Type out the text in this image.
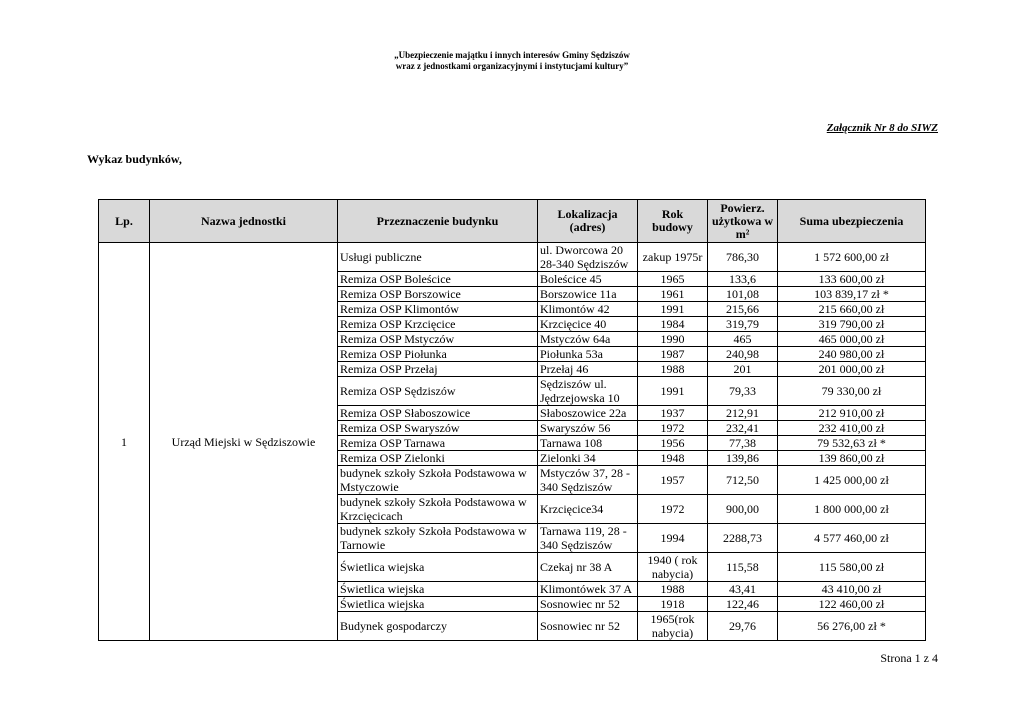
„Ubezpieczenie majątku i innych interesów Gminy Sędziszów
wraz z jednostkami organizacyjnymi i instytucjami kultury”
Załącznik Nr 8 do SIWZ
Wykaz budynków,
Lp.	Nazwa jednostki	Przeznaczenie budynku	Lokalizacja (adres)	Rok budowy	Powierz. użytkowa w m²	Suma ubezpieczenia
1	Urząd Miejski w Sędziszowie	Usługi publiczne	ul. Dworcowa 20 28-340 Sędziszów	zakup 1975r	786,30	1 572 600,00 zł
		Remiza OSP Boleścice	Boleścice 45	1965	133,6	133 600,00 zł
		Remiza OSP Borszowice	Borszowice 11a	1961	101,08	103 839,17 zł *
		Remiza OSP Klimontów	Klimontów 42	1991	215,66	215 660,00 zł
		Remiza OSP Krzcięcice	Krzcięcice 40	1984	319,79	319 790,00 zł
		Remiza OSP Mstyczów	Mstyczów 64a	1990	465	465 000,00 zł
		Remiza OSP Piołunka	Piołunka 53a	1987	240,98	240 980,00 zł
		Remiza OSP Przełaj	Przełaj 46	1988	201	201 000,00 zł
		Remiza OSP Sędziszów	Sędziszów ul. Jędrzejowska 10	1991	79,33	79 330,00 zł
		Remiza OSP Słaboszowice	Słaboszowice 22a	1937	212,91	212 910,00 zł
		Remiza OSP Swaryszów	Swaryszów 56	1972	232,41	232 410,00 zł
		Remiza OSP Tarnawa	Tarnawa 108	1956	77,38	79 532,63 zł *
		Remiza OSP Zielonki	Zielonki 34	1948	139,86	139 860,00 zł
		budynek szkoły Szkoła Podstawowa w Mstyczowie	Mstyczów 37, 28 - 340 Sędziszów	1957	712,50	1 425 000,00 zł
		budynek szkoły Szkoła Podstawowa w Krzcięcicach	Krzcięcice34	1972	900,00	1 800 000,00 zł
		budynek szkoły Szkoła Podstawowa w Tarnowie	Tarnawa 119, 28 - 340 Sędziszów	1994	2288,73	4 577 460,00 zł
		Świetlica wiejska	Czekaj nr 38 A	1940 ( rok nabycia)	115,58	115 580,00 zł
		Świetlica wiejska	Klimontówek 37 A	1988	43,41	43 410,00 zł
		Świetlica wiejska	Sosnowiec nr 52	1918	122,46	122 460,00 zł
		Budynek gospodarczy	Sosnowiec nr 52	1965(rok nabycia)	29,76	56 276,00 zł *
Strona 1 z 4
